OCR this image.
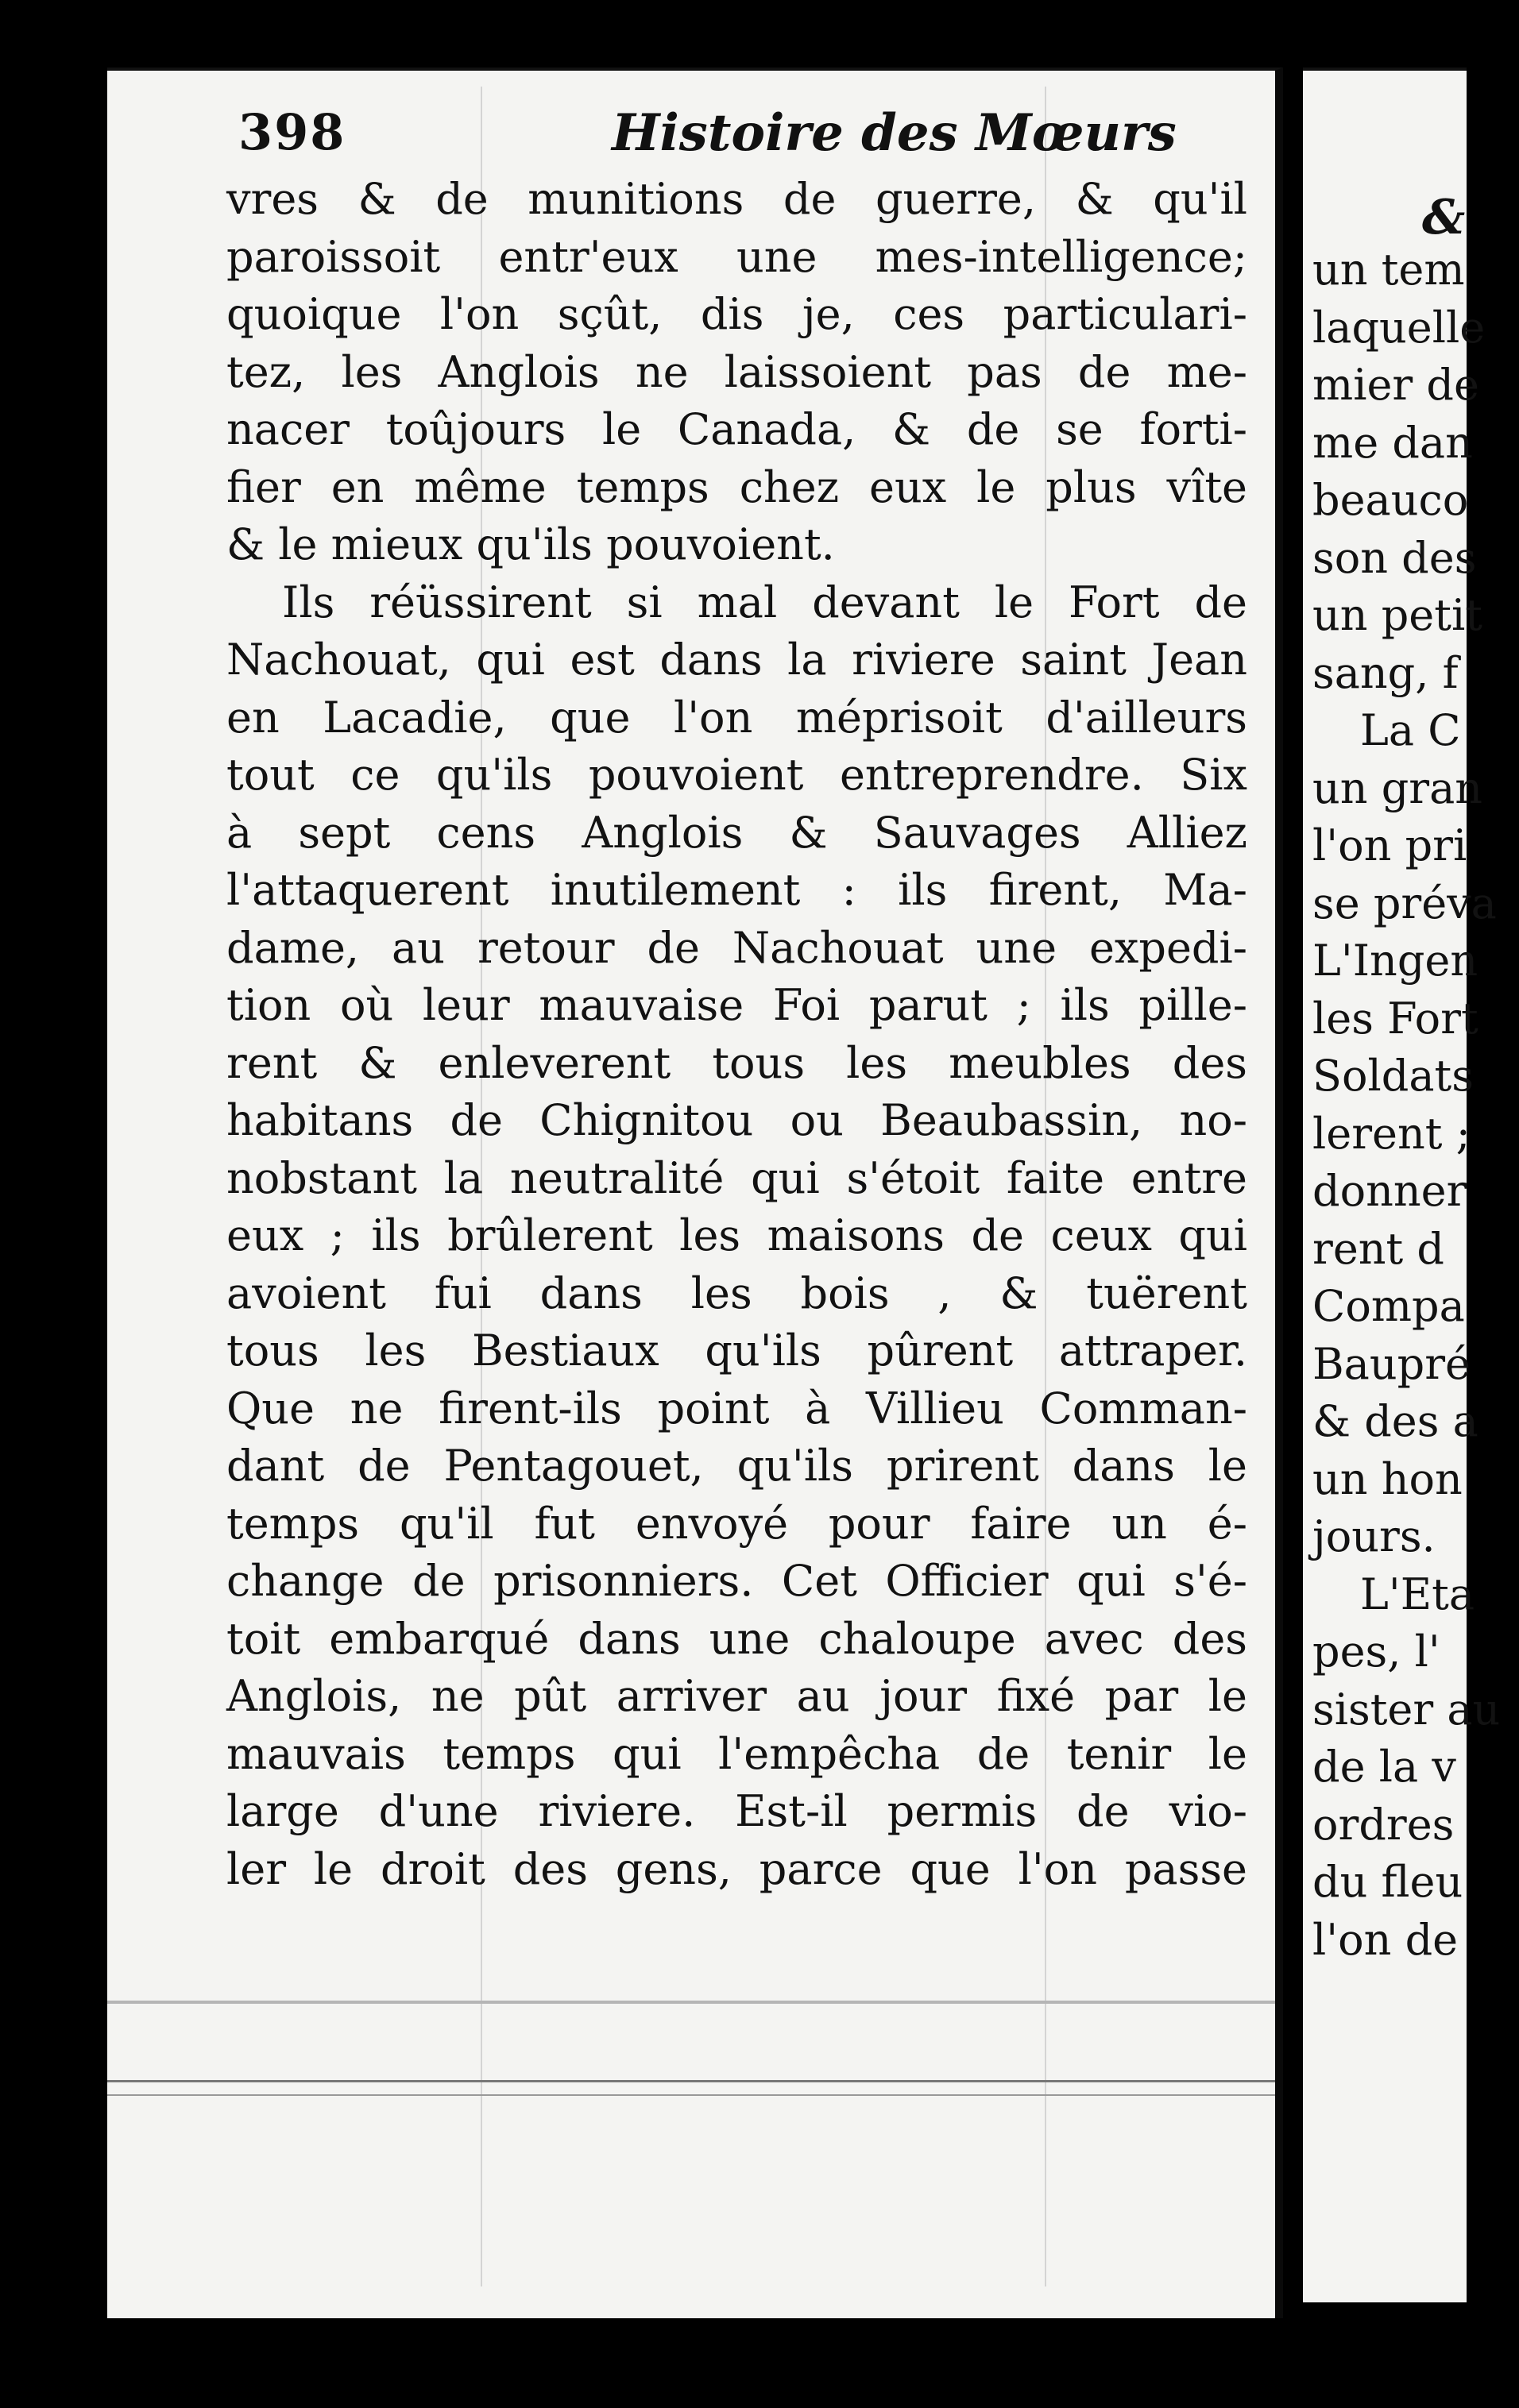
398	Histoire des Mœurs
vres & de munitions de guerre, & qu'il
paroissoit entr'eux une mes-intelligence;
quoique l'on sçût, dis je, ces particulari-
tez, les Anglois ne laissoient pas de me-
nacer toûjours le Canada, & de se forti-
fier en même temps chez eux le plus vîte
& le mieux qu'ils pouvoient.
Ils réüssirent si mal devant le Fort de
Nachouat, qui est dans la riviere saint Jean
en Lacadie, que l'on méprisoit d'ailleurs
tout ce qu'ils pouvoient entreprendre. Six
à sept cens Anglois & Sauvages Alliez
l'attaquerent inutilement : ils firent, Ma-
dame, au retour de Nachouat une expedi-
tion où leur mauvaise Foi parut ; ils pille-
rent & enleverent tous les meubles des
habitans de Chignitou ou Beaubassin, no-
nobstant la neutralité qui s'étoit faite entre
eux ; ils brûlerent les maisons de ceux qui
avoient fui dans les bois , & tuërent
tous les Bestiaux qu'ils pûrent attraper.
Que ne firent-ils point à Villieu Comman-
dant de Pentagouet, qu'ils prirent dans le
temps qu'il fut envoyé pour faire un é-
change de prisonniers. Cet Officier qui s'é-
toit embarqué dans une chaloupe avec des
Anglois, ne pût arriver au jour fixé par le
mauvais temps qui l'empêcha de tenir le
large d'une riviere. Est-il permis de vio-
ler le droit des gens, parce que l'on passe
&
un tem
laquelle
mier de
me dan
beauco
son des
un petit
sang, f
La C
un gran
l'on pri
se préva
L'Ingen
les Fort
Soldats
lerent ;
donner
rent d
Compa
Baupré
& des a
un hon
jours.
L'Eta
pes, l'
sister au
de la v
ordres
du fleu
l'on de
